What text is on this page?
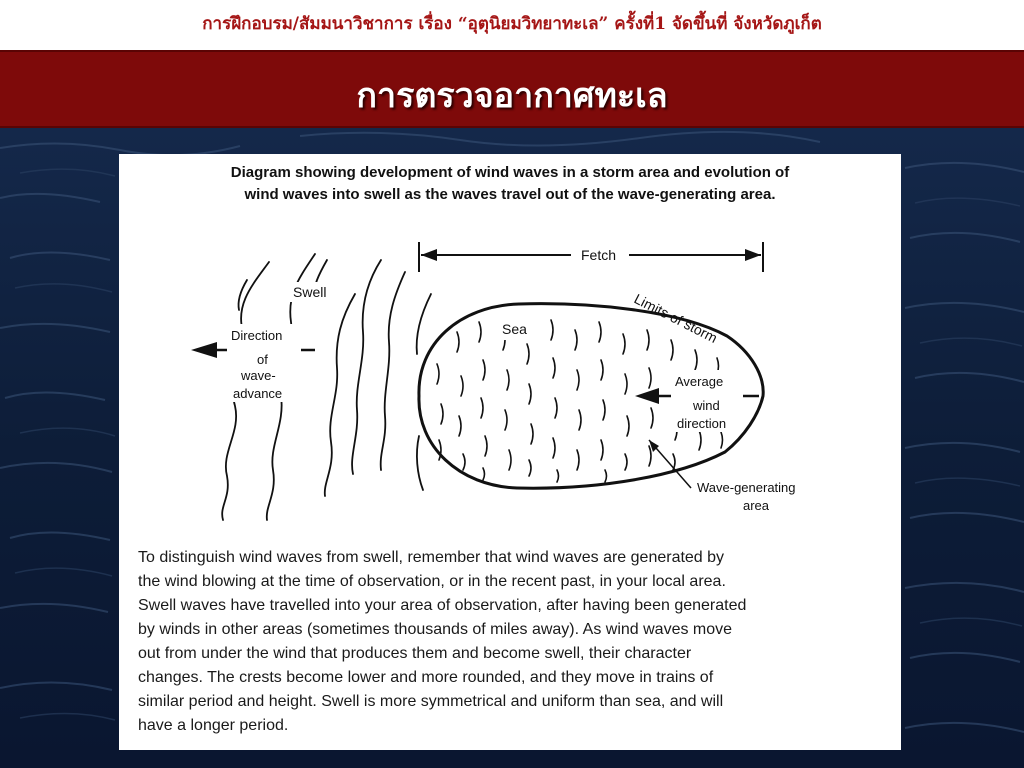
การฝึกอบรม/สัมมนาวิชาการ เรื่อง “อุตุนิยมวิทยาทะเล” ครั้งที่1 จัดขึ้นที่ จังหวัดภูเก็ต
การตรวจอากาศทะเล
Diagram showing development of wind waves in a storm area and evolution of
wind waves into swell as the waves travel out of the wave-generating area.
Fetch
Sea	Limits of storm
Average
wind
direction
Wave-generating
area
Direction
of
wave-
advance
Swell
To distinguish wind waves from swell, remember that wind waves are generated by
the wind blowing at the time of observation, or in the recent past, in your local area.
Swell waves have travelled into your area of observation, after having been generated
by winds in other areas (sometimes thousands of miles away). As wind waves move
out from under the wind that produces them and become swell, their character
changes. The crests become lower and more rounded, and they move in trains of
similar period and height. Swell is more symmetrical and uniform than sea, and will
have a longer period.
